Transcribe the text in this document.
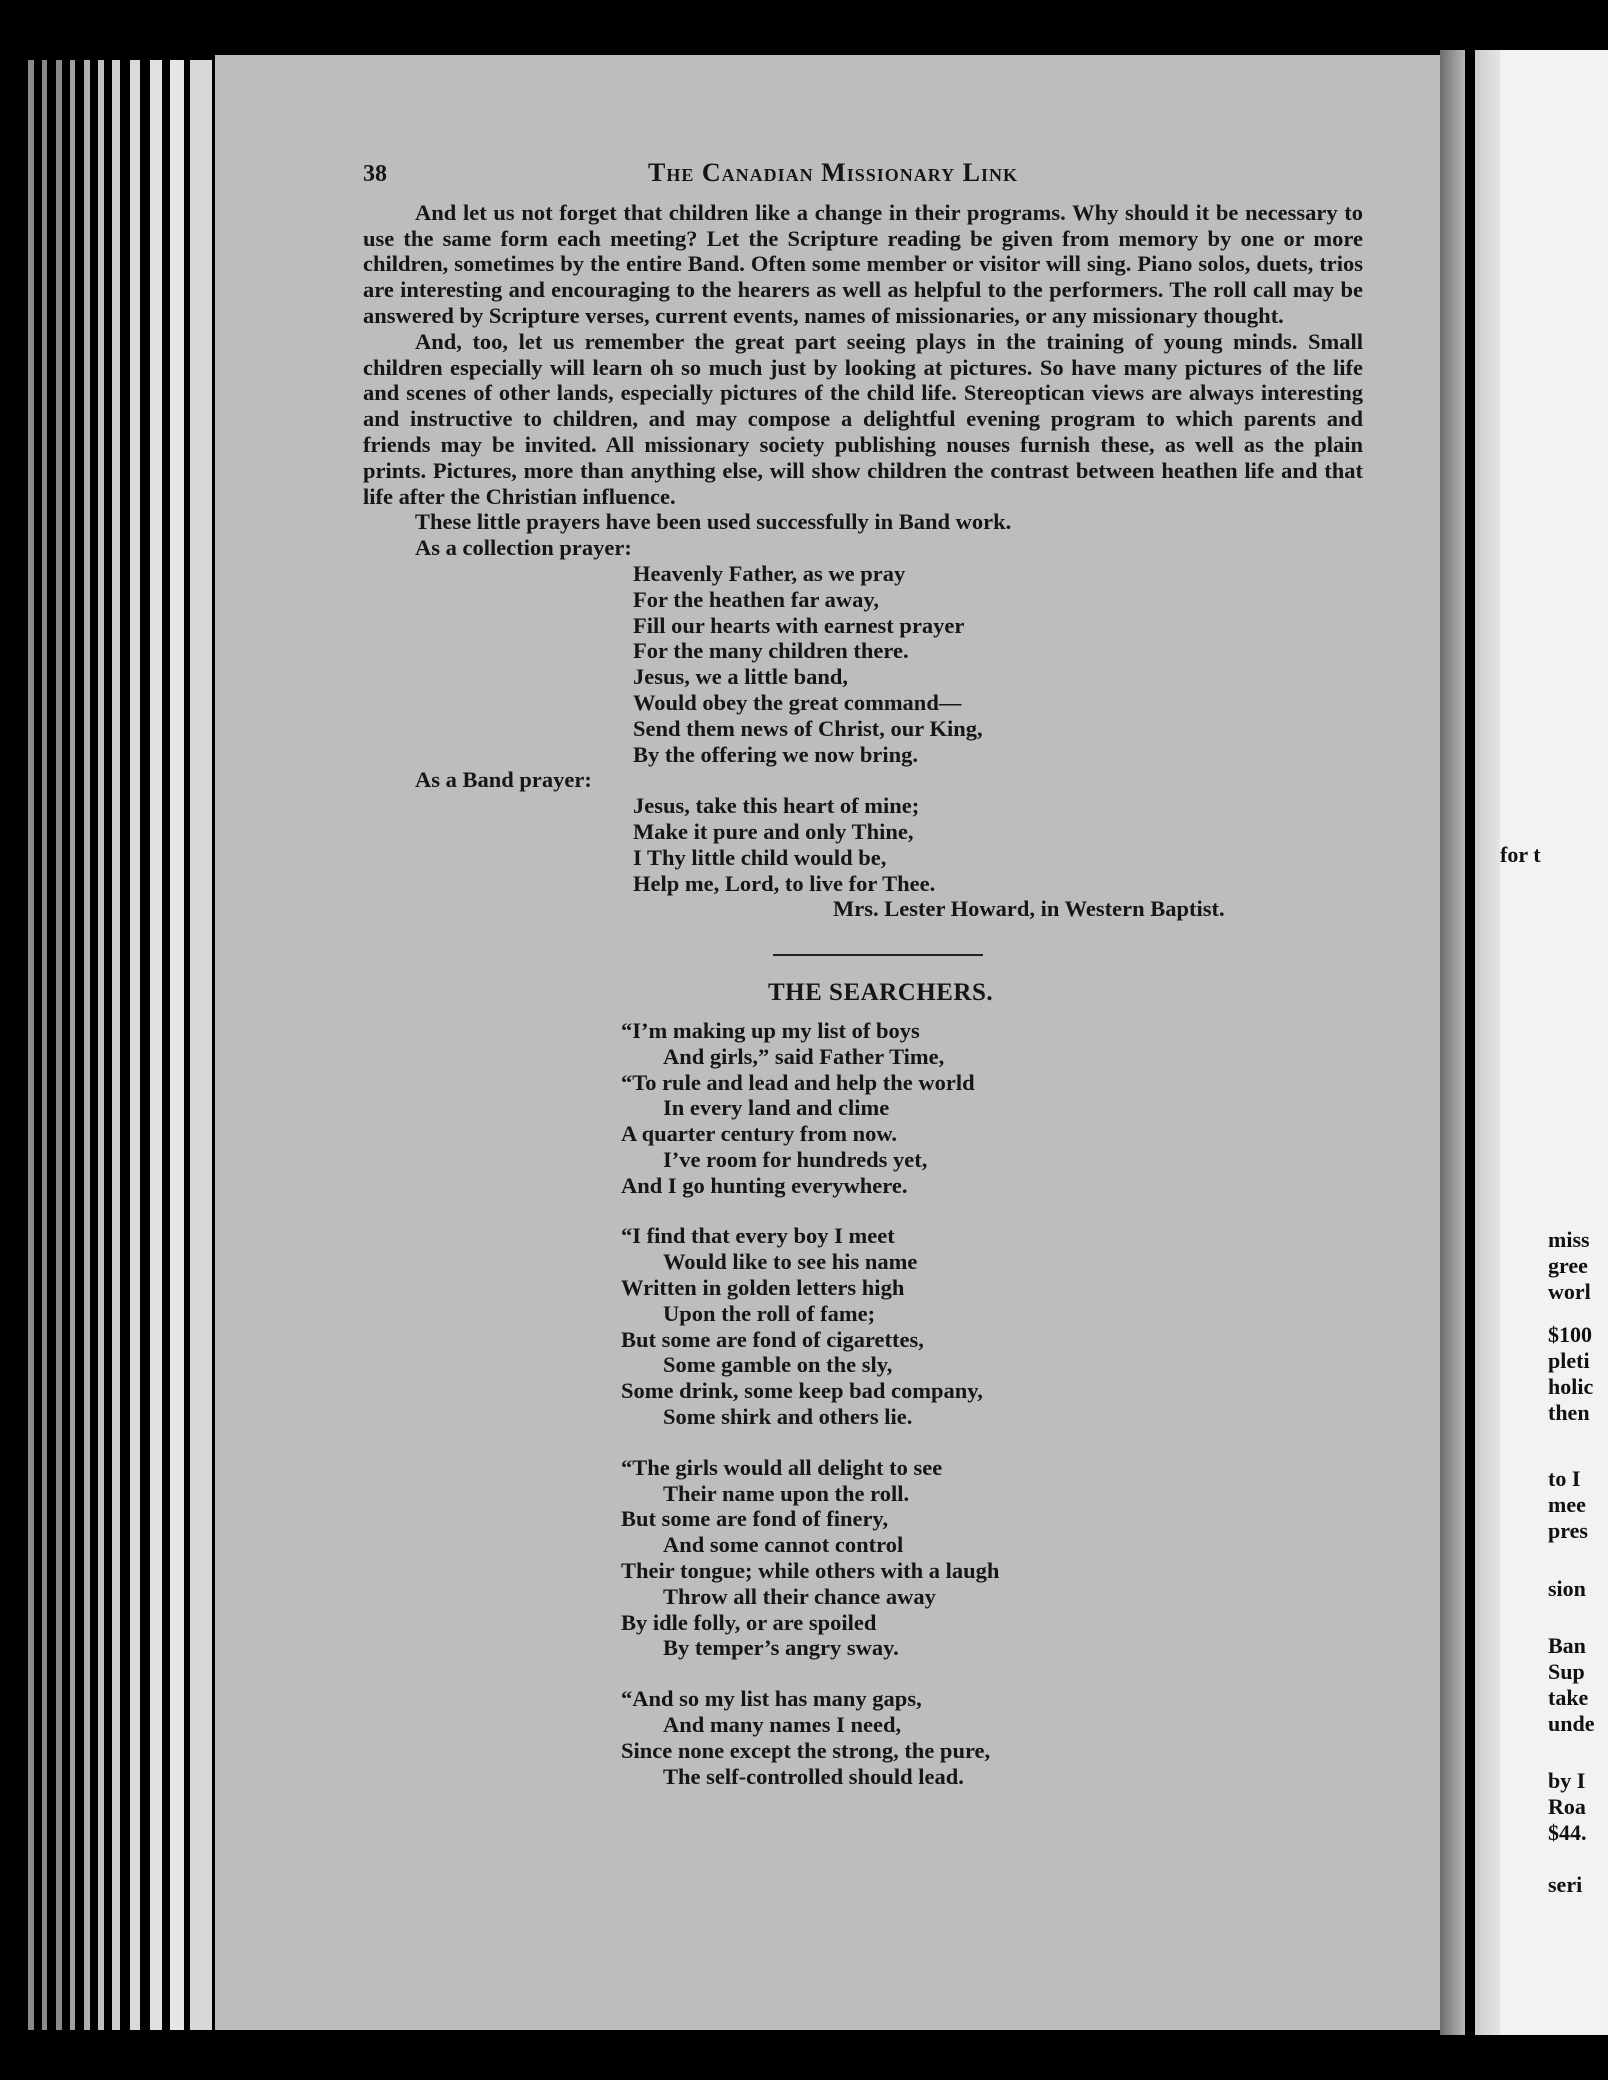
38	The Canadian Missionary Link

And let us not forget that children like a change in their programs. Why should it be necessary to use the same form each meeting? Let the Scripture reading be given from memory by one or more children, sometimes by the entire Band. Often some member or visitor will sing. Piano solos, duets, trios are interesting and encouraging to the hearers as well as helpful to the performers. The roll call may be answered by Scripture verses, current events, names of missionaries, or any missionary thought.

And, too, let us remember the great part seeing plays in the training of young minds. Small children especially will learn oh so much just by looking at pictures. So have many pictures of the life and scenes of other lands, especially pictures of the child life. Stereoptican views are always interesting and instructive to children, and may compose a delightful evening program to which parents and friends may be invited. All missionary society publishing nouses furnish these, as well as the plain prints. Pictures, more than anything else, will show children the contrast between heathen life and that life after the Christian influence.

These little prayers have been used successfully in Band work.

As a collection prayer:

Heavenly Father, as we pray
For the heathen far away,
Fill our hearts with earnest prayer
For the many children there.
Jesus, we a little band,
Would obey the great command—
Send them news of Christ, our King,
By the offering we now bring.

As a Band prayer:

Jesus, take this heart of mine;
Make it pure and only Thine,
I Thy little child would be,
Help me, Lord, to live for Thee.
Mrs. Lester Howard, in Western Baptist.
THE SEARCHERS.
“I’m making up my list of boys
And girls,” said Father Time,
“To rule and lead and help the world
In every land and clime
A quarter century from now.
I’ve room for hundreds yet,
And I go hunting everywhere.
“I find that every boy I meet
Would like to see his name
Written in golden letters high
Upon the roll of fame;
But some are fond of cigarettes,
Some gamble on the sly,
Some drink, some keep bad company,
Some shirk and others lie.
“The girls would all delight to see
Their name upon the roll.
But some are fond of finery,
And some cannot control
Their tongue; while others with a laugh
Throw all their chance away
By idle folly, or are spoiled
By temper’s angry sway.
“And so my list has many gaps,
And many names I need,
Since none except the strong, the pure,
The self-controlled should lead.
for t
miss
gree
worl
$100
pleti
holic
then
to I
mee
pres
sion
Ban
Sup
take
unde
by I
Roa
$44.
seri
